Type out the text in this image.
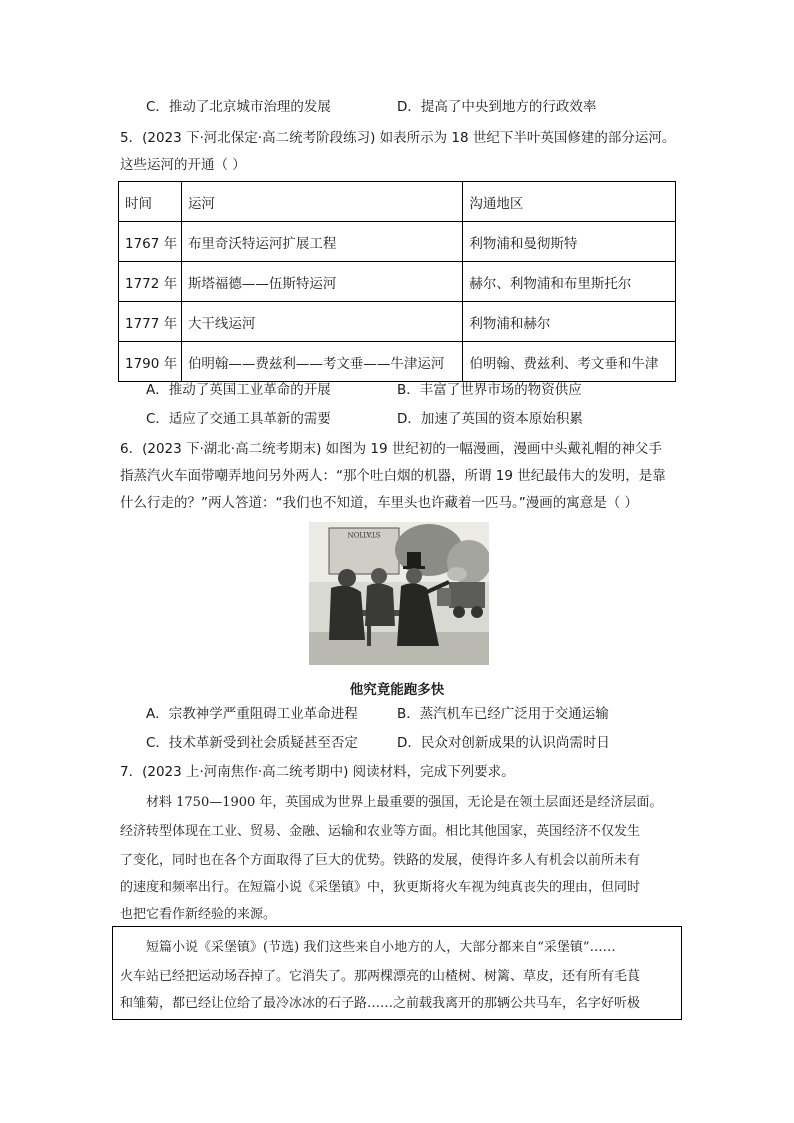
C．推动了北京城市治理的发展	D．提高了中央到地方的行政效率
5．(2023 下·河北保定·高二统考阶段练习) 如表所示为 18 世纪下半叶英国修建的部分运河。
这些运河的开通（ ）
时间	运河	沟通地区
1767 年	布里奇沃特运河扩展工程	利物浦和曼彻斯特
1772 年	斯塔福德——伍斯特运河	赫尔、利物浦和布里斯托尔
1777 年	大干线运河	利物浦和赫尔
1790 年	伯明翰——费兹利——考文垂——牛津运河	伯明翰、费兹利、考文垂和牛津
A．推动了英国工业革命的开展	B．丰富了世界市场的物资供应
C．适应了交通工具革新的需要	D．加速了英国的资本原始积累
6．(2023 下·湖北·高二统考期末) 如图为 19 世纪初的一幅漫画，漫画中头戴礼帽的神父手
指蒸汽火车面带嘲弄地问另外两人：“那个吐白烟的机器，所谓 19 世纪最伟大的发明，是靠
什么行走的？”两人答道：“我们也不知道，车里头也许藏着一匹马。”漫画的寓意是（ ）
STATION
他究竟能跑多快
A．宗教神学严重阻碍工业革命进程	B．蒸汽机车已经广泛用于交通运输
C．技术革新受到社会质疑甚至否定	D．民众对创新成果的认识尚需时日
7．(2023 上·河南焦作·高二统考期中) 阅读材料，完成下列要求。
材料 1750—1900 年，英国成为世界上最重要的强国，无论是在领土层面还是经济层面。
经济转型体现在工业、贸易、金融、运输和农业等方面。相比其他国家，英国经济不仅发生
了变化，同时也在各个方面取得了巨大的优势。铁路的发展，使得许多人有机会以前所未有
的速度和频率出行。在短篇小说《采堡镇》中，狄更斯将火车视为纯真丧失的理由，但同时
也把它看作新经验的来源。
短篇小说《采堡镇》(节选) 我们这些来自小地方的人，大部分都来自“采堡镇”……
火车站已经把运动场吞掉了。它消失了。那两棵漂亮的山楂树、树篱、草皮，还有所有毛茛
和雏菊，都已经让位给了最冷冰冰的石子路……之前载我离开的那辆公共马车，名字好听极
